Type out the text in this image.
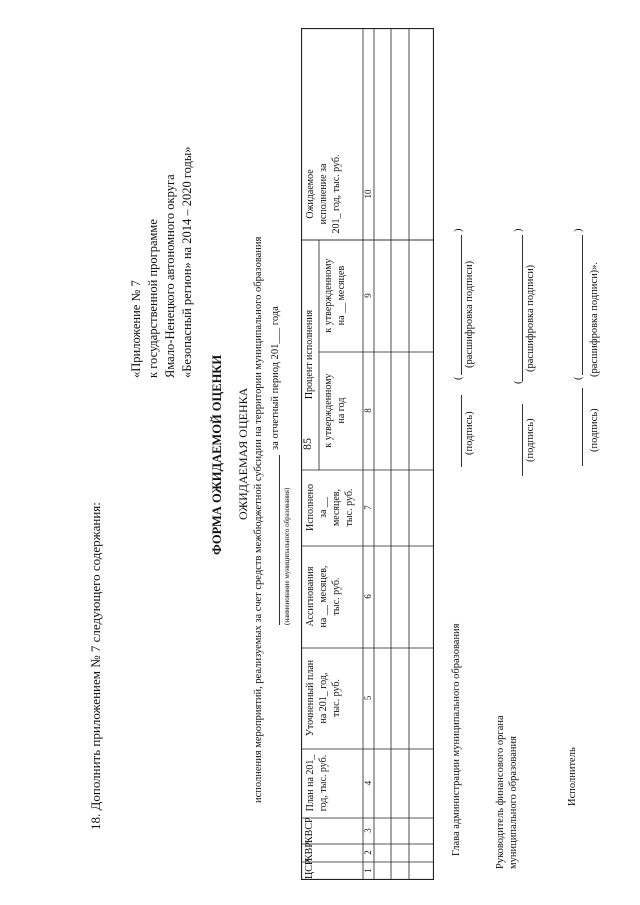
85
18. Дополнить приложением № 7 следующего содержания:
«Приложение № 7 к государственной программе Ямало-Ненецкого автономного округа «Безопасный регион» на 2014 – 2020 годы»
ФОРМА ОЖИДАЕМОЙ ОЦЕНКИ ОЖИДАЕМАЯ ОЦЕНКА исполнения мероприятий, реализуемых за счет средств межбюджетной субсидии на территории муниципального образования за отчетный период 201___ года
(наименование муниципального образования)
ЦСР
КВР
КВСР
План на 201_ год, тыс. руб.
Уточненный план на 201_ год, тыс. руб.
Ассигнования на __ месяцев, тыс. руб.
Исполнено за __ месяцев, тыс. руб.
Процент исполнения
к утвержденному на год
к утвержденному на __ месяцев
Ожидаемое исполнение за 201_ год, тыс. руб.
1
2
3
4
5
6
7
8
9
10
Глава администрации муниципального образования
(подпись)
(
)
(расшифровка подписи)
Руководитель финансового органа муниципального образования
(подпись)
(
)
(расшифровка подписи)
Исполнитель
(подпись)
(
)
(расшифровка подписи)».
